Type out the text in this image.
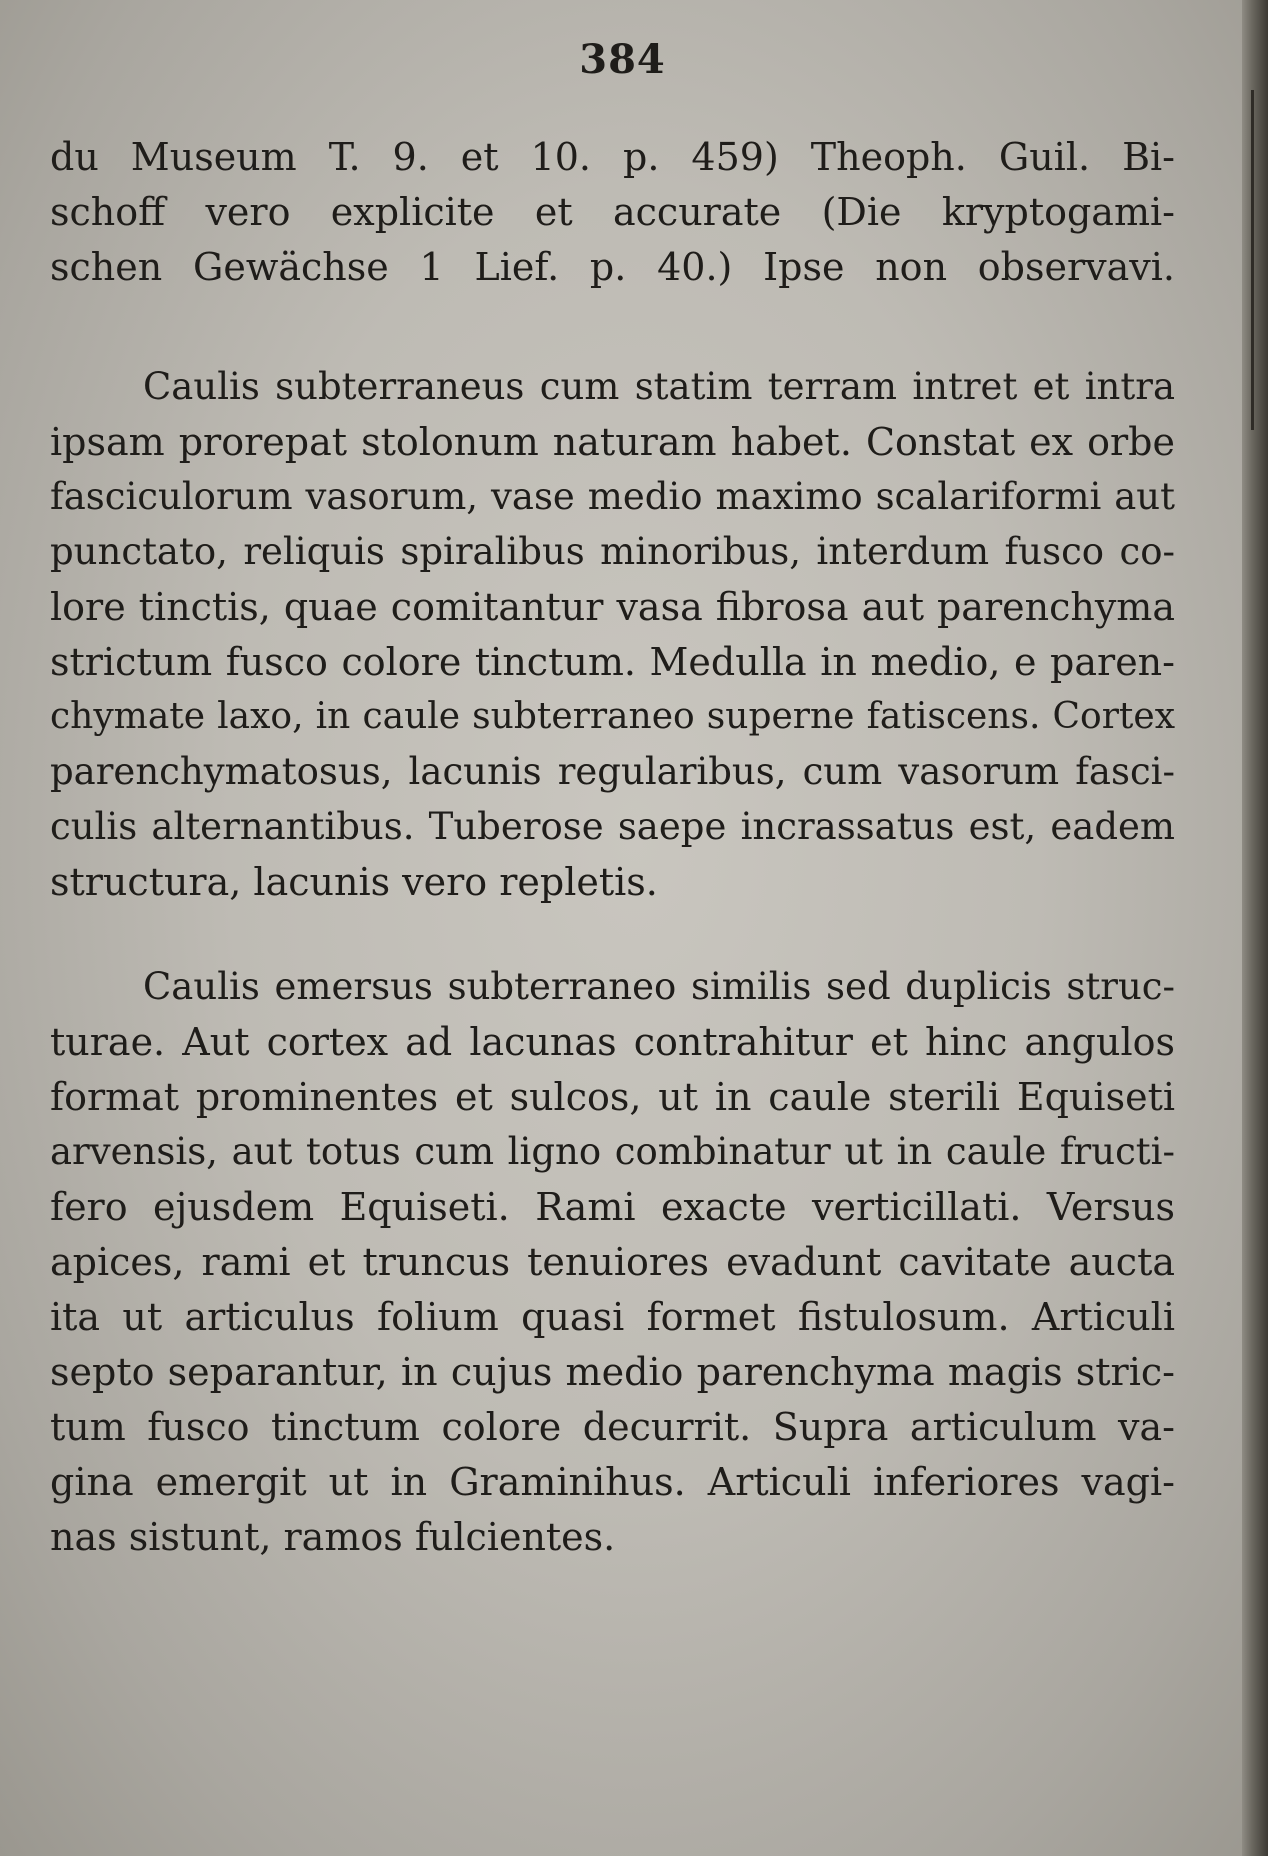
384
du Museum T. 9. et 10. p. 459) Theoph. Guil. Bi-
schoff vero explicite et accurate (Die kryptogami-
schen Gewächse 1 Lief. p. 40.) Ipse non observavi.
Caulis subterraneus cum statim terram intret et intra
ipsam prorepat stolonum naturam habet. Constat ex orbe
fasciculorum vasorum, vase medio maximo scalariformi aut
punctato, reliquis spiralibus minoribus, interdum fusco co-
lore tinctis, quae comitantur vasa fibrosa aut parenchyma
strictum fusco colore tinctum. Medulla in medio, e paren-
chymate laxo, in caule subterraneo superne fatiscens. Cortex
parenchymatosus, lacunis regularibus, cum vasorum fasci-
culis alternantibus. Tuberose saepe incrassatus est, eadem
structura, lacunis vero repletis.
Caulis emersus subterraneo similis sed duplicis struc-
turae. Aut cortex ad lacunas contrahitur et hinc angulos
format prominentes et sulcos, ut in caule sterili Equiseti
arvensis, aut totus cum ligno combinatur ut in caule fructi-
fero ejusdem Equiseti. Rami exacte verticillati. Versus
apices, rami et truncus tenuiores evadunt cavitate aucta
ita ut articulus folium quasi formet fistulosum. Articuli
septo separantur, in cujus medio parenchyma magis stric-
tum fusco tinctum colore decurrit. Supra articulum va-
gina emergit ut in Graminihus. Articuli inferiores vagi-
nas sistunt, ramos fulcientes.
